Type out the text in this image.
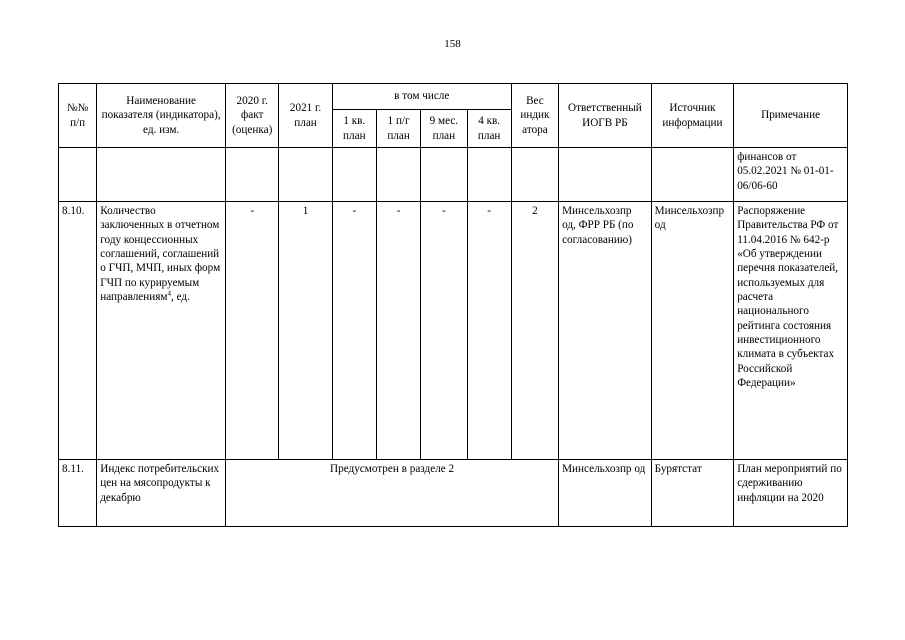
158
№№ п/п	Наименование показателя (индикатора), ед. изм.	2020 г. факт (оценка)	2021 г. план	в том числе				Вес индик атора	Ответственный ИОГВ РБ	Источник информации	Примечание
				1 кв. план	1 п/г план	9 мес. план	4 кв. план				
											финансов от 05.02.2021 № 01-01-06/06-60
8.10.	Количество заключенных в отчетном году концессионных соглашений, соглашений о ГЧП, МЧП, иных форм ГЧП по курируемым направлениям$^4$, ед.	-	1	-	-	-	-	2	Минсельхозпр од, ФРР РБ (по согласованию)	Минсельхозпр од	Распоряжение Правительства РФ от 11.04.2016 № 642-р «Об утверждении перечня показателей, используемых для расчета национального рейтинга состояния инвестиционного климата в субъектах Российской Федерации»
8.11.	Индекс потребительских цен на мясопродукты к декабрю	Предусмотрен в разделе 2							Минсельхозпр од	Бурятстат	План мероприятий по сдерживанию инфляции на 2020
